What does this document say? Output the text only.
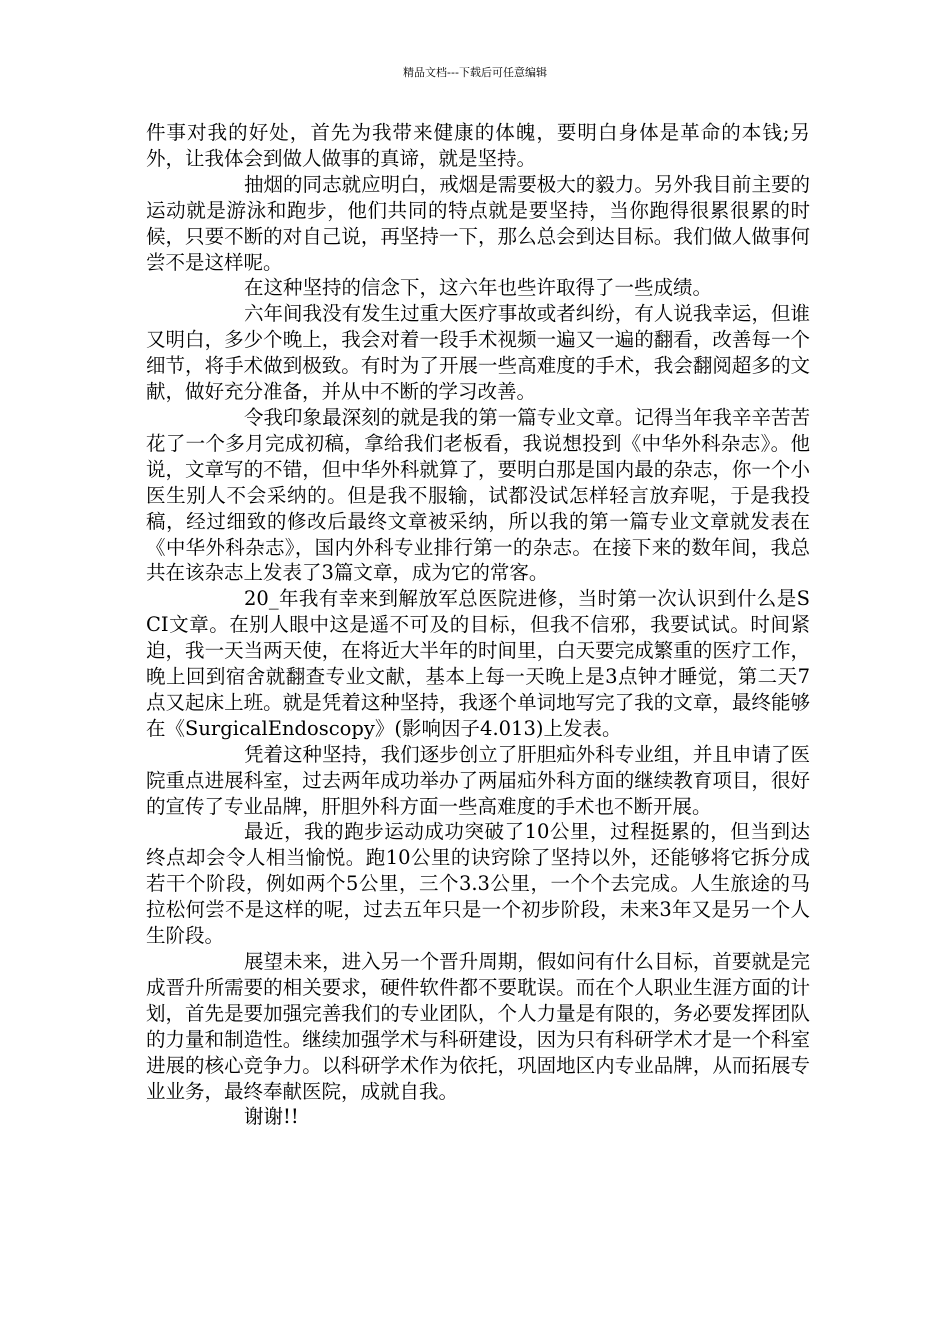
精品文档---下载后可任意编辑

件事对我的好处，首先为我带来健康的体魄，要明白身体是革命的本钱;另外，让我体会到做人做事的真谛，就是坚持。

抽烟的同志就应明白，戒烟是需要极大的毅力。另外我目前主要的运动就是游泳和跑步，他们共同的特点就是要坚持，当你跑得很累很累的时候，只要不断的对自己说，再坚持一下，那么总会到达目标。我们做人做事何尝不是这样呢。

在这种坚持的信念下，这六年也些许取得了一些成绩。

六年间我没有发生过重大医疗事故或者纠纷，有人说我幸运，但谁又明白，多少个晚上，我会对着一段手术视频一遍又一遍的翻看，改善每一个细节，将手术做到极致。有时为了开展一些高难度的手术，我会翻阅超多的文献，做好充分准备，并从中不断的学习改善。

令我印象最深刻的就是我的第一篇专业文章。记得当年我辛辛苦苦花了一个多月完成初稿，拿给我们老板看，我说想投到《中华外科杂志》。他说，文章写的不错，但中华外科就算了，要明白那是国内最的杂志，你一个小医生别人不会采纳的。但是我不服输，试都没试怎样轻言放弃呢，于是我投稿，经过细致的修改后最终文章被采纳，所以我的第一篇专业文章就发表在《中华外科杂志》，国内外科专业排行第一的杂志。在接下来的数年间，我总共在该杂志上发表了3篇文章，成为它的常客。

20_年我有幸来到解放军总医院进修，当时第一次认识到什么是SCI文章。在别人眼中这是遥不可及的目标，但我不信邪，我要试试。时间紧迫，我一天当两天使，在将近大半年的时间里，白天要完成繁重的医疗工作，晚上回到宿舍就翻查专业文献，基本上每一天晚上是3点钟才睡觉，第二天7点又起床上班。就是凭着这种坚持，我逐个单词地写完了我的文章，最终能够在《SurgicalEndoscopy》(影响因子4.013)上发表。

凭着这种坚持，我们逐步创立了肝胆疝外科专业组，并且申请了医院重点进展科室，过去两年成功举办了两届疝外科方面的继续教育项目，很好的宣传了专业品牌，肝胆外科方面一些高难度的手术也不断开展。

最近，我的跑步运动成功突破了10公里，过程挺累的，但当到达终点却会令人相当愉悦。跑10公里的诀窍除了坚持以外，还能够将它拆分成若干个阶段，例如两个5公里，三个3.3公里，一个个去完成。人生旅途的马拉松何尝不是这样的呢，过去五年只是一个初步阶段，未来3年又是另一个人生阶段。

展望未来，进入另一个晋升周期，假如问有什么目标，首要就是完成晋升所需要的相关要求，硬件软件都不要耽误。而在个人职业生涯方面的计划，首先是要加强完善我们的专业团队，个人力量是有限的，务必要发挥团队的力量和制造性。继续加强学术与科研建设，因为只有科研学术才是一个科室进展的核心竞争力。以科研学术作为依托，巩固地区内专业品牌，从而拓展专业业务，最终奉献医院，成就自我。

谢谢!!
